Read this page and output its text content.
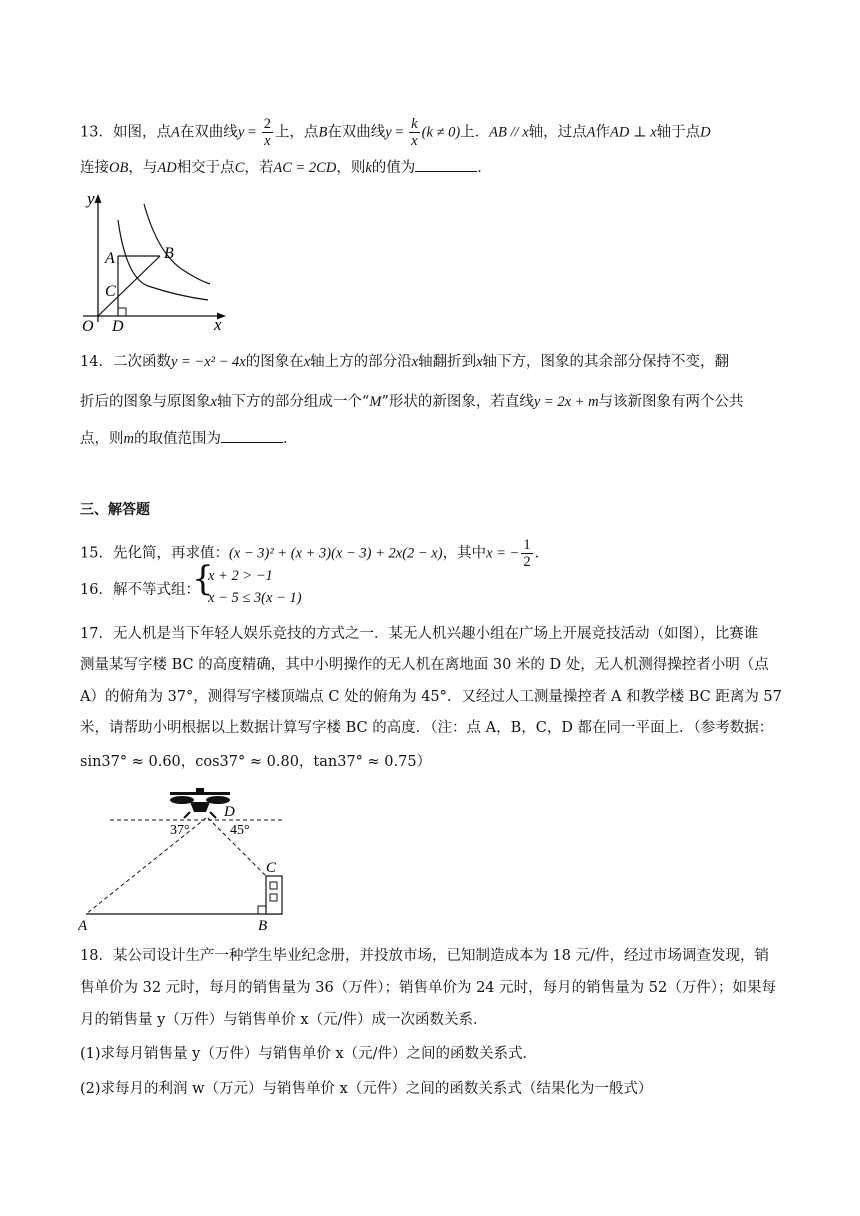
13．如图，点A在双曲线$y = \frac{2}{x}$ 上，点B在双曲线$y = \frac{k}{x} (k \ne 0)$上．AB // x轴，过点A作AD ⊥ x轴于点D
连接OB，与AD相交于点C，若AC = 2CD，则k的值为	．
y
x
O D
A	B
C
14．二次函数y = −x² − 4x的图象在x轴上方的部分沿x轴翻折到x轴下方，图象的其余部分保持不变，翻
折后的图象与原图象x轴下方的部分组成一个“M”形状的新图象，若直线y = 2x + m与该新图象有两个公共
点，则m的取值范围为	．
三、解答题
15．先化简，再求值：(x − 3)² + (x + 3)(x − 3) + 2x(2 − x)，其中x = − $\frac{1}{2}$ ．
16．解不等式组：
{
x + 2 > −1
x − 5 ≤ 3(x − 1)
17．无人机是当下年轻人娱乐竞技的方式之一．某无人机兴趣小组在广场上开展竞技活动（如图），比赛谁
测量某写字楼 BC 的高度精确，其中小明操作的无人机在离地面 30 米的 D 处，无人机测得操控者小明（点
A）的俯角为 37°，测得写字楼顶端点 C 处的俯角为 45°．又经过人工测量操控者 A 和教学楼 BC 距离为 57
米，请帮助小明根据以上数据计算写字楼 BC 的高度．（注：点 A，B，C，D 都在同一平面上．（参考数据：
sin37° ≈ 0.60，cos37° ≈ 0.80，tan37° ≈ 0.75）
D
37°	45°
C
A	B
18．某公司设计生产一种学生毕业纪念册，并投放市场，已知制造成本为 18 元/件，经过市场调查发现，销
售单价为 32 元时，每月的销售量为 36（万件）；销售单价为 24 元时，每月的销售量为 52（万件）；如果每
月的销售量 y（万件）与销售单价 x（元/件）成一次函数关系．
(1)求每月销售量 y（万件）与销售单价 x（元/件）之间的函数关系式．
(2)求每月的利润 w（万元）与销售单价 x（元件）之间的函数关系式（结果化为一般式）
